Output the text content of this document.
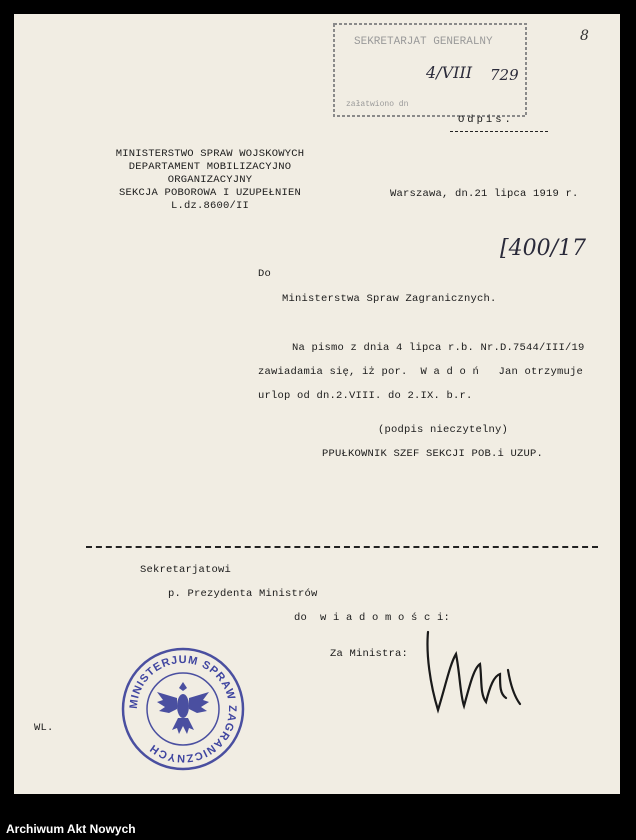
8
SEKRETARJAT GENERALNY
4/VIII 729
załatwiono dn
Odpis.
MINISTERSTWO SPRAW WOJSKOWYCH
DEPARTAMENT MOBILIZACYJNO
ORGANIZACYJNY
SEKCJA POBOROWA I UZUPEŁNIEN
L.dz.8600/II
Warszawa, dn.21 lipca 1919 r.
[400/17
Do
Ministerstwa Spraw Zagranicznych.
Na pismo z dnia 4 lipca r.b. Nr.D.7544/III/19
zawiadamia się, iż por.  W a d o ń   Jan otrzymuje
urlop od dn.2.VIII. do 2.IX. b.r.
(podpis nieczytelny)
PPUŁKOWNIK SZEF SEKCJI POB.i UZUP.
Sekretarjatowi
p. Prezydenta Ministrów
do  w i a d o m o ś c i:
Za Ministra:
WL.
MINISTERJUM SPRAW ZAGRANICZNYCH
Archiwum Akt Nowych
